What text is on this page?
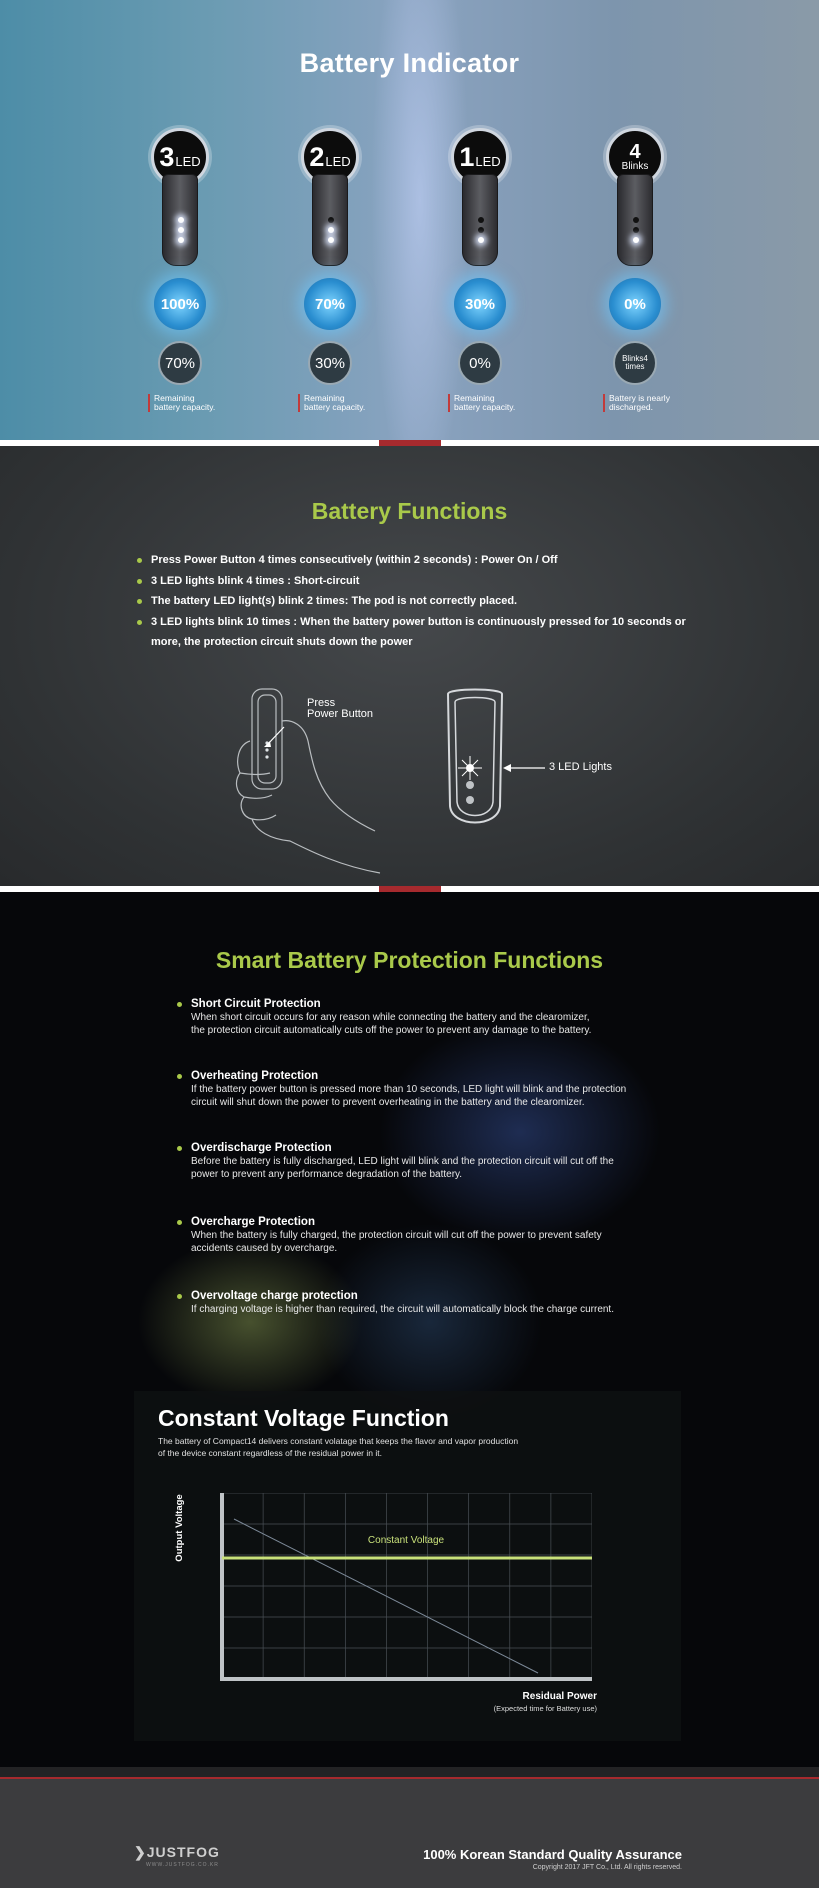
Battery Indicator
3 LED
100%
70%
Remaining
battery capacity.
2 LED
70%
30%
Remaining
battery capacity.
1 LED
30%
0%
Remaining
battery capacity.
4
Blinks
0%
Blinks4
times
Battery is nearly
discharged.
Battery Functions
Press Power Button 4 times consecutively (within 2 seconds) : Power On / Off
3 LED lights blink 4 times : Short-circuit
The battery LED light(s) blink 2 times: The pod is not correctly placed.
3 LED lights blink 10 times : When the battery power button is continuously pressed for 10 seconds or more, the protection circuit shuts down the power
Press
Power Button
3 LED Lights
Smart Battery Protection Functions
Short Circuit Protection

When short circuit occurs for any reason while connecting the battery and the clearomizer,

the protection circuit automatically cuts off the power to prevent any damage to the battery.

Overheating Protection

If the battery power button is pressed more than 10 seconds, LED light will blink and the protection

circuit will shut down the power to prevent overheating in the battery and the clearomizer.

Overdischarge Protection

Before the battery is fully discharged, LED light will blink and the protection circuit will cut off the

power to prevent any performance degradation of the battery.

Overcharge Protection

When the battery is fully charged, the protection circuit will cut off the power to prevent safety

accidents caused by overcharge.

Overvoltage charge protection

If charging voltage is higher than required, the circuit will automatically block the charge current.

Constant Voltage Function
The battery of Compact14 delivers constant volatage that keeps the flavor and vapor production
of the device constant regardless of the residual power in it.
Constant Voltage
Output Voltage
Residual Power
(Expected time for Battery use)
❯JUSTFOG
WWW.JUSTFOG.CO.KR
100% Korean Standard Quality Assurance
Copyright 2017 JFT Co., Ltd. All rights reserved.
